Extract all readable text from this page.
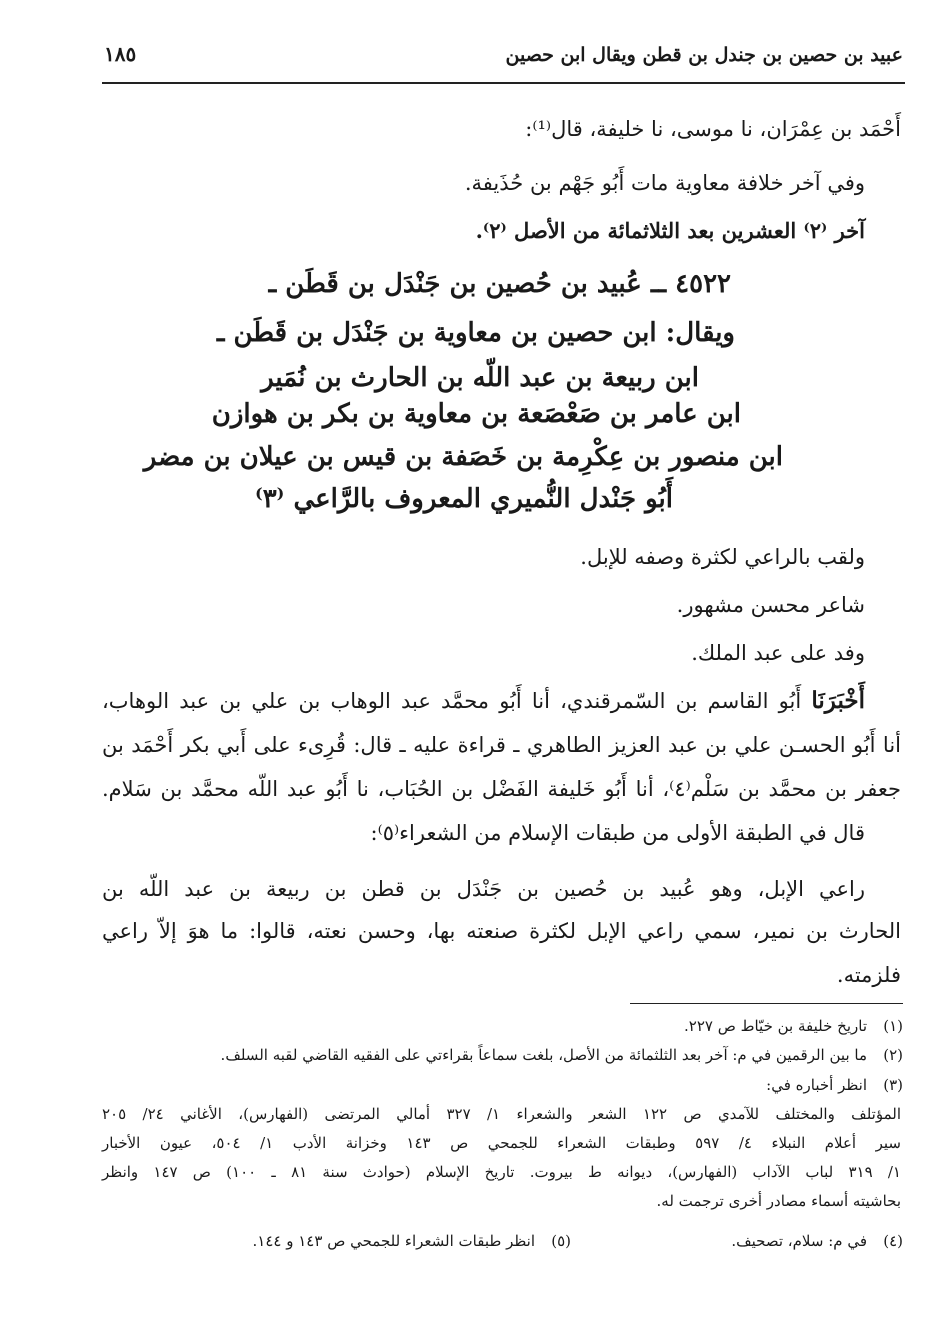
عبيد بن حصين بن جندل بن قطن ويقال ابن حصين
١٨٥
أَحْمَد بن عِمْرَان، نا موسى، نا خليفة، قال⁽¹⁾:
وفي آخر خلافة معاوية مات أَبُو جَهْم بن حُذَيفة.
آخر ⁽٢⁾ العشرين بعد الثلاثمائة من الأصل ⁽٢⁾.
٤٥٢٢ ــ عُبيد بن حُصين بن جَنْدَل بن قَطَن ـ
ويقال: ابن حصين بن معاوية بن جَنْدَل بن قَطَن ـ
ابن ربيعة بن عبد اللّه بن الحارث بن نُمَير
ابن عامر بن صَعْصَعة بن معاوية بن بكر بن هوازن
ابن منصور بن عِكْرِمة بن خَصَفة بن قيس بن عيلان بن مضر
أَبُو جَنْدل النُّميري المعروف بالرَّاعي ⁽٣⁾
ولقب بالراعي لكثرة وصفه للإبل.
شاعر محسن مشهور.
وفد على عبد الملك.
أَخْبَرَنَا أَبُو القاسم بن السّمرقندي، أنا أَبُو محمَّد عبد الوهاب بن علي بن عبد الوهاب،
أنا أَبُو الحسـن علي بن عبد العزيز الطاهري ـ قراءة عليه ـ قال: قُرِىء على أَبي بكر أَحْمَد بن
جعفر بن محمَّد بن سَلْم⁽٤⁾، أنا أَبُو خَليفة الفَضْل بن الحُبَاب، نا أَبُو عبد اللّه محمَّد بن سَلام.
قال في الطبقة الأولى من طبقات الإسلام من الشعراء⁽٥⁾:
راعي الإبل، وهو عُبيد بن حُصين بن جَنْدَل بن قطن بن ربيعة بن عبد اللّه بن
الحارث بن نمير، سمي راعي الإبل لكثرة صنعته بها، وحسن نعته، قالوا: ما هوَ إلاّ راعي
فلزمته.
(١)تاريخ خليفة بن خيّاط ص ٢٢٧.
(٢)ما بين الرقمين في م: آخر بعد الثلثمائة من الأصل، بلغت سماعاً بقراءتي على الفقيه القاضي لقبه السلف.
(٣)انظر أخباره في:
المؤتلف والمختلف للآمدي ص ١٢٢ الشعر والشعراء ١/ ٣٢٧ أمالي المرتضى (الفهارس)، الأغاني ٢٤/ ٢٠٥
سير أعلام النبلاء ٤/ ٥٩٧ وطبقات الشعراء للجمحي ص ١٤٣ وخزانة الأدب ١/ ٥٠٤، عيون الأخبار
١/ ٣١٩ لباب الآداب (الفهارس)، ديوانه ط بيروت. تاريخ الإسلام (حوادث سنة ٨١ ـ ١٠٠) ص ١٤٧ وانظر
بحاشيته أسماء مصادر أخرى ترجمت له.
(٤)في م: سلام، تصحيف.
(٥)انظر طبقات الشعراء للجمحي ص ١٤٣ و ١٤٤.
